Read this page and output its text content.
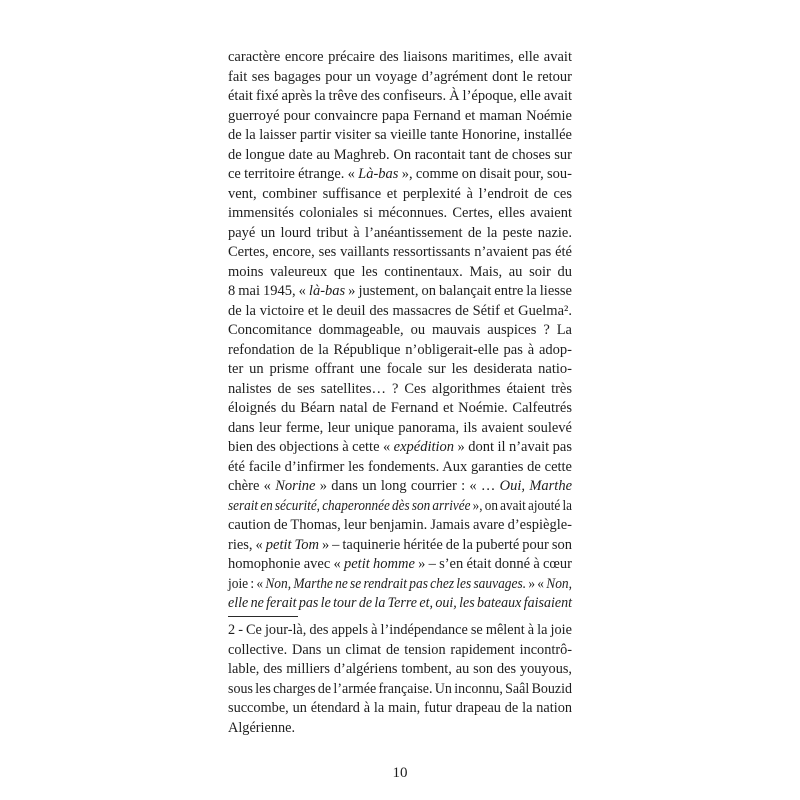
caractère encore précaire des liaisons maritimes, elle avait
fait ses bagages pour un voyage d’agrément dont le retour
était fixé après la trêve des confiseurs. À l’époque, elle avait
guerroyé pour convaincre papa Fernand et maman Noémie
de la laisser partir visiter sa vieille tante Honorine, installée
de longue date au Maghreb. On racontait tant de choses sur
ce territoire étrange. « Là-bas », comme on disait pour, sou-
vent, combiner suffisance et perplexité à l’endroit de ces
immensités coloniales si méconnues. Certes, elles avaient
payé un lourd tribut à l’anéantissement de la peste nazie.
Certes, encore, ses vaillants ressortissants n’avaient pas été
moins valeureux que les continentaux. Mais, au soir du
8 mai 1945, « là-bas » justement, on balançait entre la liesse
de la victoire et le deuil des massacres de Sétif et Guelma².
Concomitance dommageable, ou mauvais auspices ? La
refondation de la République n’obligerait-elle pas à adop-
ter un prisme offrant une focale sur les desiderata natio-
nalistes de ses satellites… ? Ces algorithmes étaient très
éloignés du Béarn natal de Fernand et Noémie. Calfeutrés
dans leur ferme, leur unique panorama, ils avaient soulevé
bien des objections à cette « expédition » dont il n’avait pas
été facile d’infirmer les fondements. Aux garanties de cette
chère « Norine » dans un long courrier : « … Oui, Marthe
serait en sécurité, chaperonnée dès son arrivée », on avait ajouté la
caution de Thomas, leur benjamin. Jamais avare d’espiègle-
ries, « petit Tom » – taquinerie héritée de la puberté pour son
homophonie avec « petit homme » – s’en était donné à cœur
joie : « Non, Marthe ne se rendrait pas chez les sauvages. » « Non,
elle ne ferait pas le tour de la Terre et, oui, les bateaux faisaient
2 - Ce jour-là, des appels à l’indépendance se mêlent à la joie
collective. Dans un climat de tension rapidement incontrô-
lable, des milliers d’algériens tombent, au son des youyous,
sous les charges de l’armée française. Un inconnu, Saâl Bouzid
succombe, un étendard à la main, futur drapeau de la nation
Algérienne.
10
